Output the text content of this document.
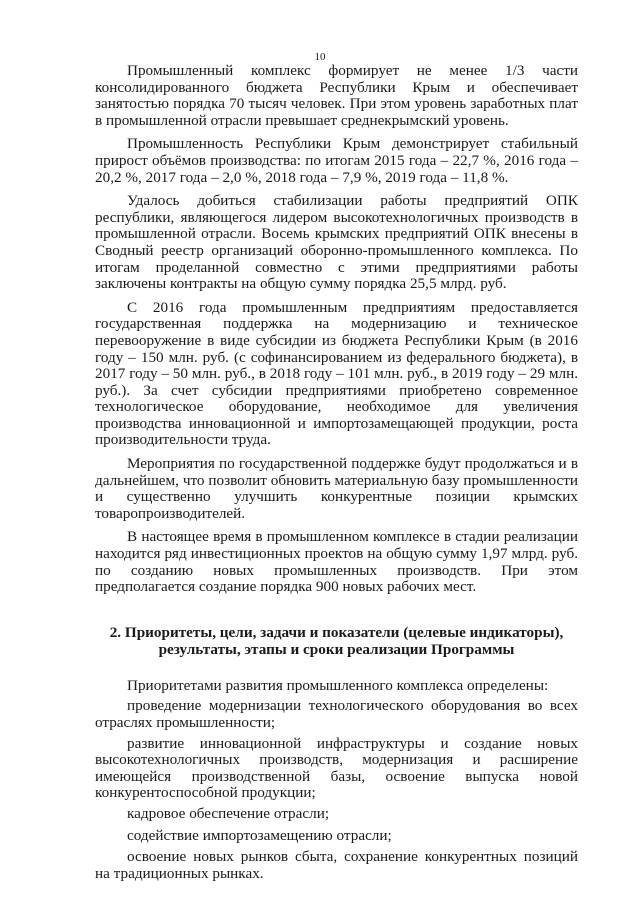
10

Промышленный комплекс формирует не менее 1/3 части консолидированного бюджета Республики Крым и обеспечивает занятостью порядка 70 тысяч человек. При этом уровень заработных плат в промышленной отрасли превышает среднекрымский уровень.

Промышленность Республики Крым демонстрирует стабильный прирост объёмов производства: по итогам 2015 года – 22,7 %, 2016 года – 20,2 %, 2017 года – 2,0 %, 2018 года – 7,9 %, 2019 года – 11,8 %.

Удалось добиться стабилизации работы предприятий ОПК республики, являющегося лидером высокотехнологичных производств в промышленной отрасли. Восемь крымских предприятий ОПК внесены в Сводный реестр организаций оборонно-промышленного комплекса. По итогам проделанной совместно с этими предприятиями работы заключены контракты на общую сумму порядка 25,5 млрд. руб.

С 2016 года промышленным предприятиям предоставляется государственная поддержка на модернизацию и техническое перевооружение в виде субсидии из бюджета Республики Крым (в 2016 году – 150 млн. руб. (с софинансированием из федерального бюджета), в 2017 году – 50 млн. руб., в 2018 году – 101 млн. руб., в 2019 году – 29 млн. руб.). За счет субсидии предприятиями приобретено современное технологическое оборудование, необходимое для увеличения производства инновационной и импортозамещающей продукции, роста производительности труда.

Мероприятия по государственной поддержке будут продолжаться и в дальнейшем, что позволит обновить материальную базу промышленности и существенно улучшить конкурентные позиции крымских товаропроизводителей.

В настоящее время в промышленном комплексе в стадии реализации находится ряд инвестиционных проектов на общую сумму 1,97 млрд. руб. по созданию новых промышленных производств. При этом предполагается создание порядка 900 новых рабочих мест.

2. Приоритеты, цели, задачи и показатели (целевые индикаторы), результаты, этапы и сроки реализации Программы

Приоритетами развития промышленного комплекса определены:

проведение модернизации технологического оборудования во всех отраслях промышленности;

развитие инновационной инфраструктуры и создание новых высокотехнологичных производств, модернизация и расширение имеющейся производственной базы, освоение выпуска новой конкурентоспособной продукции;

кадровое обеспечение отрасли;

содействие импортозамещению отрасли;

освоение новых рынков сбыта, сохранение конкурентных позиций на традиционных рынках.
